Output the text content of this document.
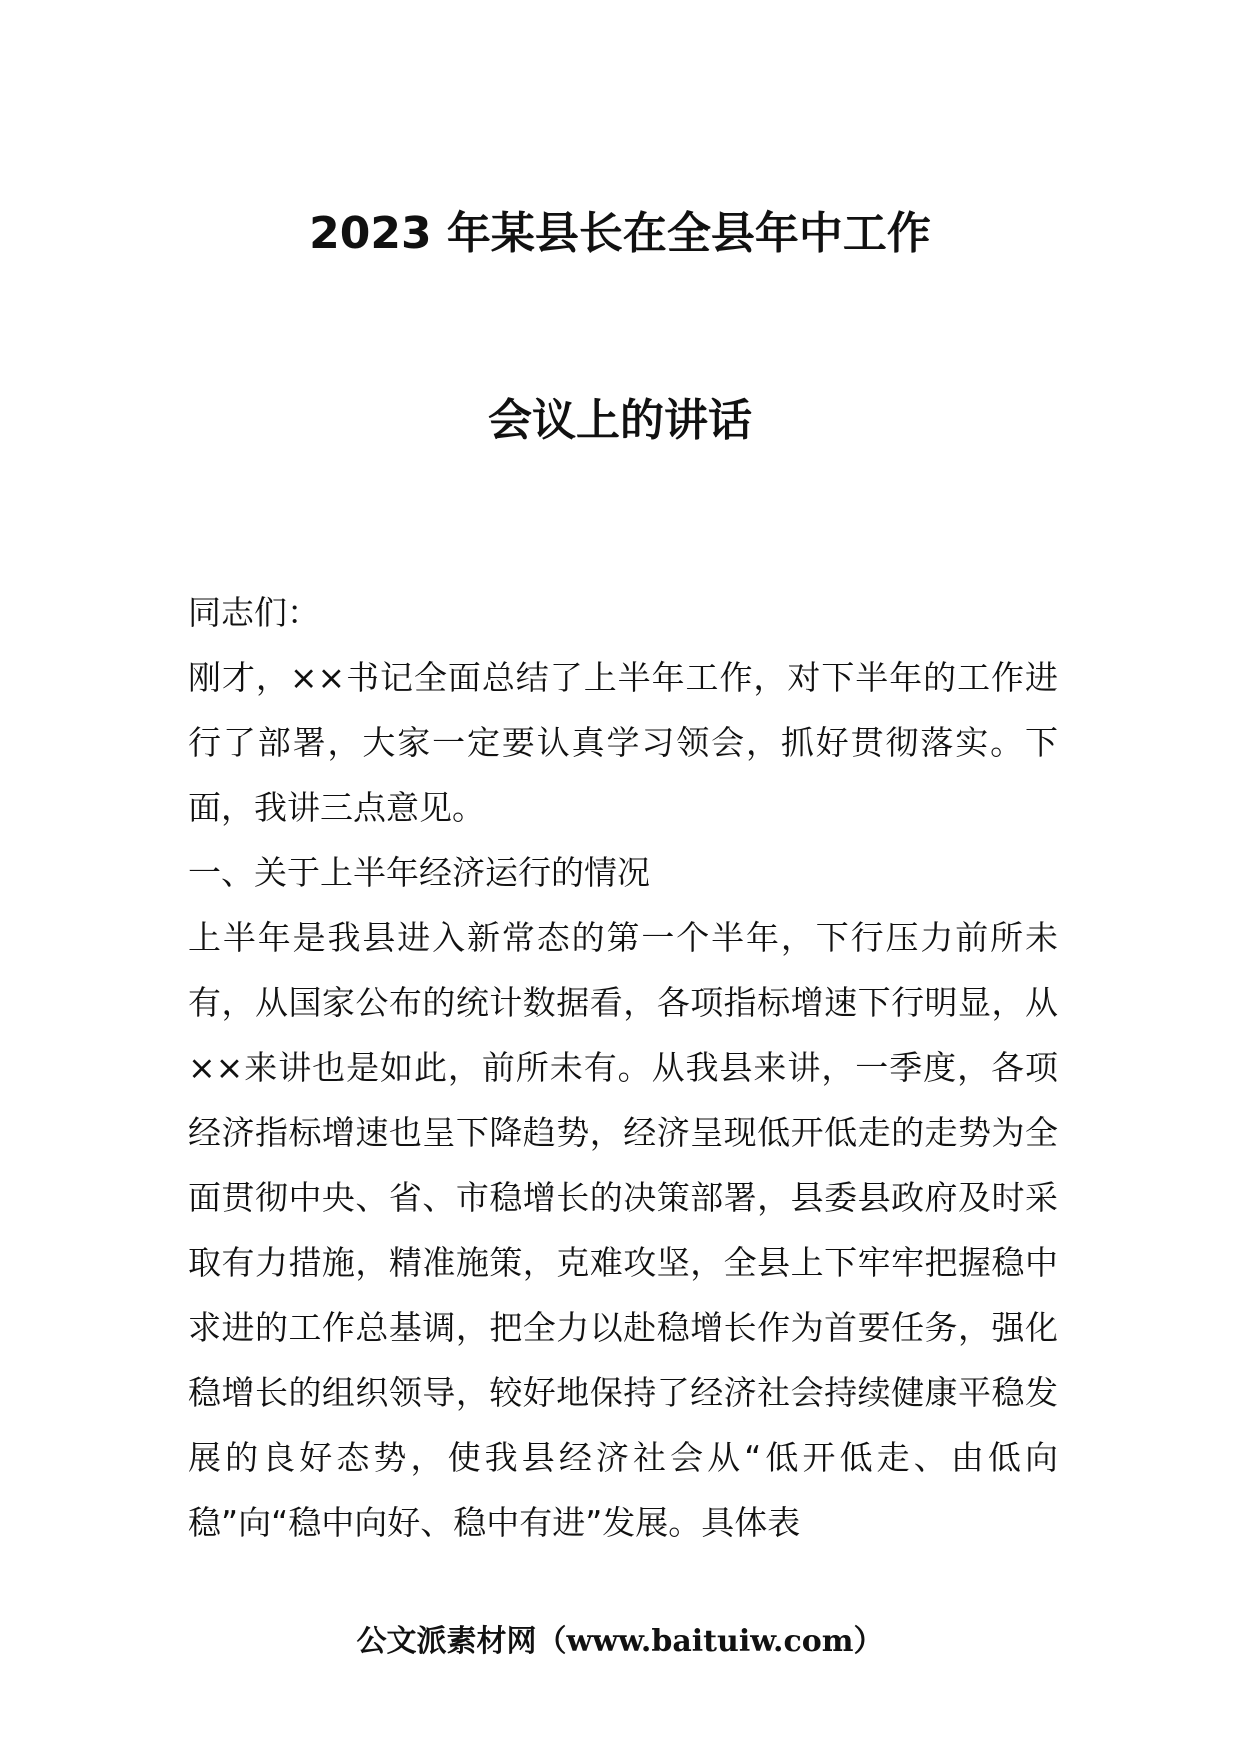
2023 年某县长在全县年中工作
会议上的讲话

同志们：

刚才，××书记全面总结了上半年工作，对下半年的工作进行了部署，大家一定要认真学习领会，抓好贯彻落实。下面，我讲三点意见。

一、关于上半年经济运行的情况

上半年是我县进入新常态的第一个半年，下行压力前所未有，从国家公布的统计数据看，各项指标增速下行明显，从××来讲也是如此，前所未有。从我县来讲，一季度，各项经济指标增速也呈下降趋势，经济呈现低开低走的走势为全面贯彻中央、省、市稳增长的决策部署，县委县政府及时采取有力措施，精准施策，克难攻坚，全县上下牢牢把握稳中求进的工作总基调，把全力以赴稳增长作为首要任务，强化稳增长的组织领导，较好地保持了经济社会持续健康平稳发展的良好态势，使我县经济社会从“低开低走、由低向稳”向“稳中向好、稳中有进”发展。具体表

公文派素材网（www.baituiw.com）
